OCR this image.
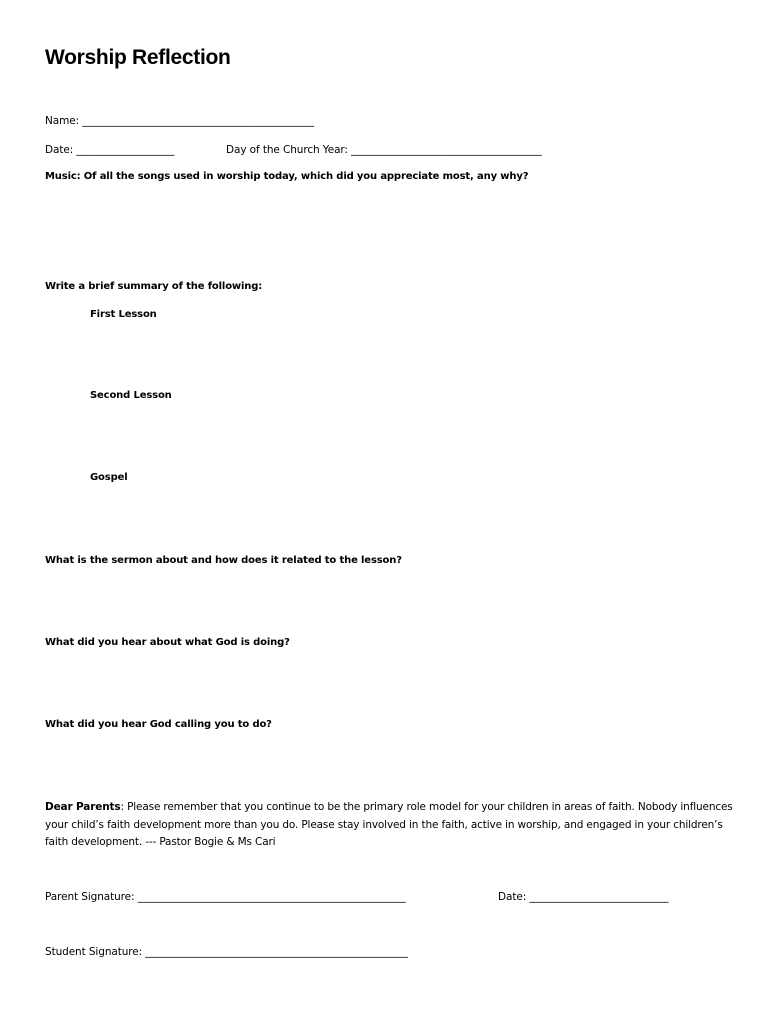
Worship Reflection
Name: _____________________________________________
Date: ___________________	Day of the Church Year: _____________________________________
Music: Of all the songs used in worship today, which did you appreciate most, any why?
Write a brief summary of the following:
First Lesson
Second Lesson
Gospel
What is the sermon about and how does it related to the lesson?
What did you hear about what God is doing?
What did you hear God calling you to do?
Dear Parents: Please remember that you continue to be the primary role model for your children in areas of faith. Nobody influences your child’s faith development more than you do. Please stay involved in the faith, active in worship, and engaged in your children’s faith development. --- Pastor Bogie & Ms Cari
Parent Signature: ____________________________________________________	Date: ___________________________
Student Signature: ___________________________________________________
